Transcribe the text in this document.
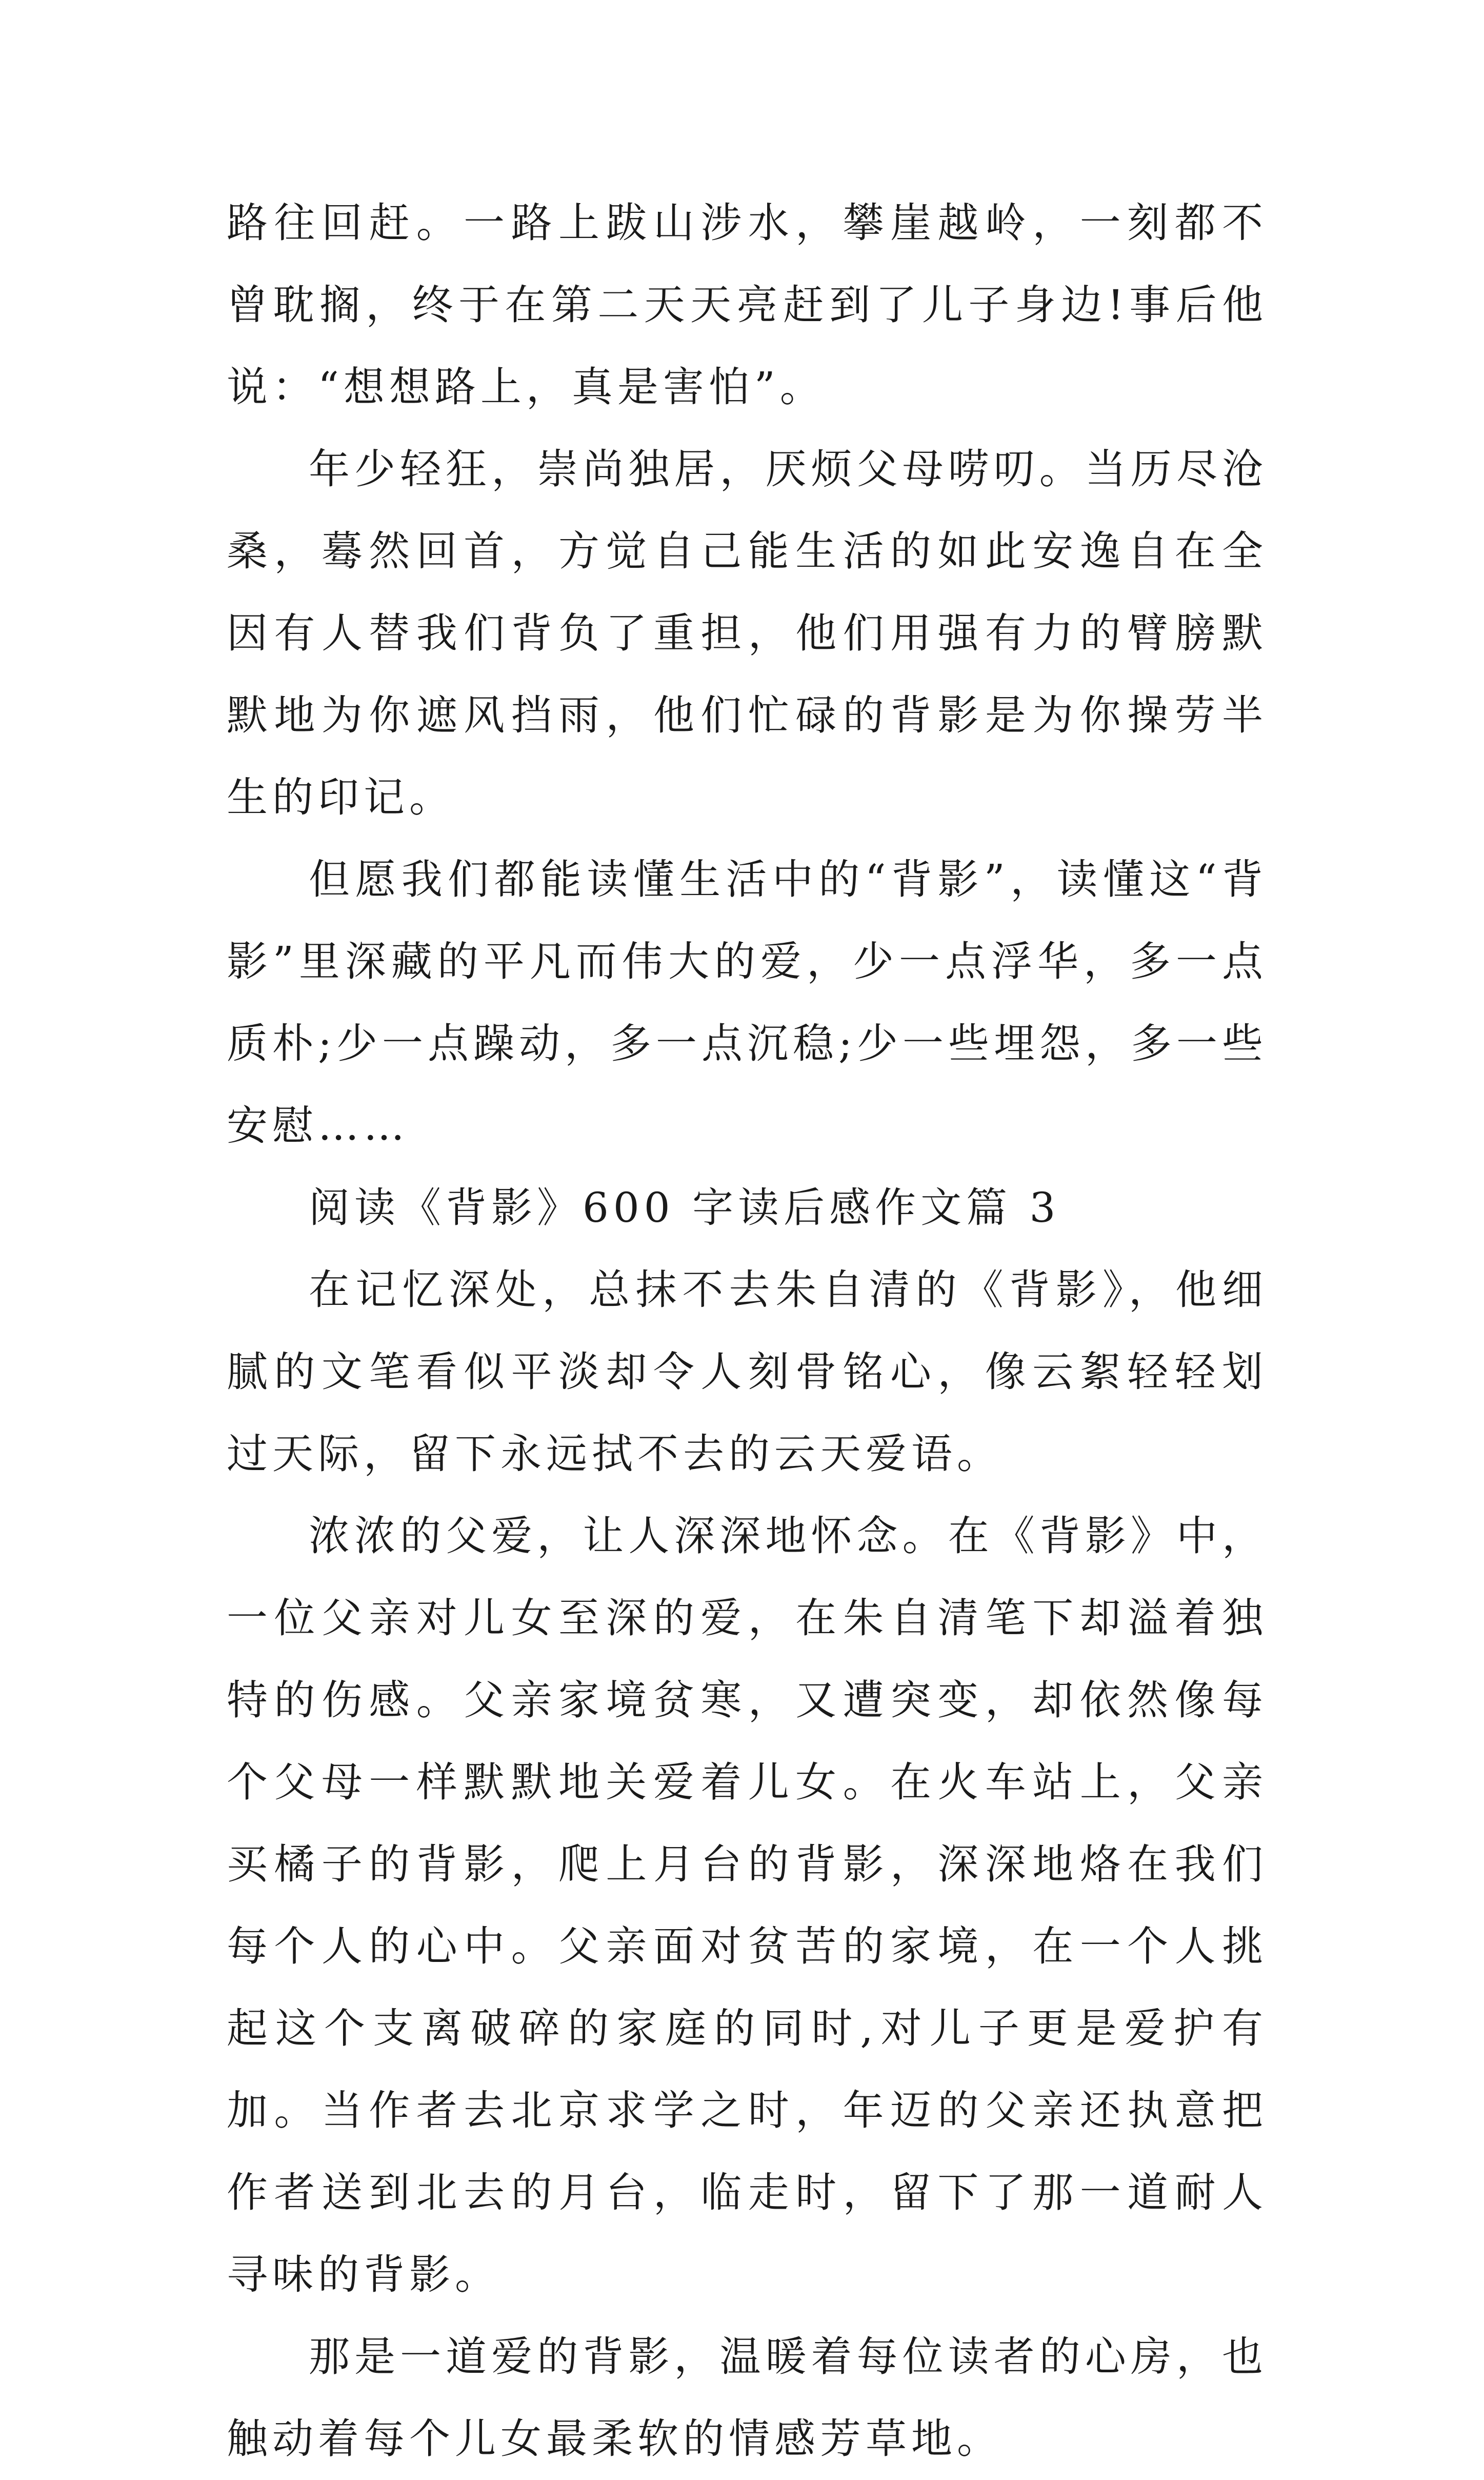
路往回赶。一路上跋山涉水，攀崖越岭，一刻都不曾耽搁，终于在第二天天亮赶到了儿子身边!事后他说：“想想路上，真是害怕”。

年少轻狂，崇尚独居，厌烦父母唠叨。当历尽沧桑，蓦然回首，方觉自己能生活的如此安逸自在全因有人替我们背负了重担，他们用强有力的臂膀默默地为你遮风挡雨，他们忙碌的背影是为你操劳半生的印记。

但愿我们都能读懂生活中的“背影”，读懂这“背影”里深藏的平凡而伟大的爱，少一点浮华，多一点质朴;少一点躁动，多一点沉稳;少一些埋怨，多一些安慰……

阅读《背影》600 字读后感作文篇 3

在记忆深处，总抹不去朱自清的《背影》，他细腻的文笔看似平淡却令人刻骨铭心，像云絮轻轻划过天际，留下永远拭不去的云天爱语。

浓浓的父爱，让人深深地怀念。在《背影》中，一位父亲对儿女至深的爱，在朱自清笔下却溢着独特的伤感。父亲家境贫寒，又遭突变，却依然像每个父母一样默默地关爱着儿女。在火车站上，父亲买橘子的背影，爬上月台的背影，深深地烙在我们每个人的心中。父亲面对贫苦的家境，在一个人挑起这个支离破碎的家庭的同时,对儿子更是爱护有加。当作者去北京求学之时，年迈的父亲还执意把作者送到北去的月台，临走时，留下了那一道耐人寻味的背影。

那是一道爱的背影，温暖着每位读者的心房，也触动着每个儿女最柔软的情感芳草地。
